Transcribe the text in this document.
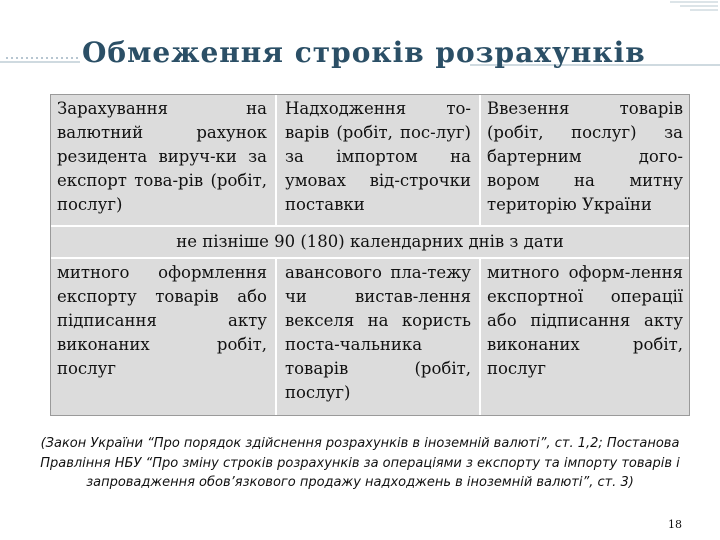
Обмеження строків розрахунків
Зарахування на валютний рахунок резидента вируч-ки за експорт това-рів (робіт, послуг)
Надходження то-варів (робіт, пос-луг) за імпортом на умовах від-строчки поставки
Ввезення товарів (робіт, послуг) за бартерним дого-вором на митну територію України
не пізніше 90 (180) календарних днів з дати
митного оформлення експорту товарів або підписання акту виконаних робіт, послуг
авансового пла-тежу чи вистав-лення векселя на користь поста-чальника товарів (робіт, послуг)
митного оформ-лення експортної операції або підписання акту виконаних робіт, послуг
(Закон України “Про порядок здійснення розрахунків в іноземній валюті”, ст. 1,2; Постанова Правління НБУ “Про зміну строків розрахунків за операціями з експорту та імпорту товарів і запровадження обов’язкового продажу надходжень в іноземній валюті”, ст. 3)
18
